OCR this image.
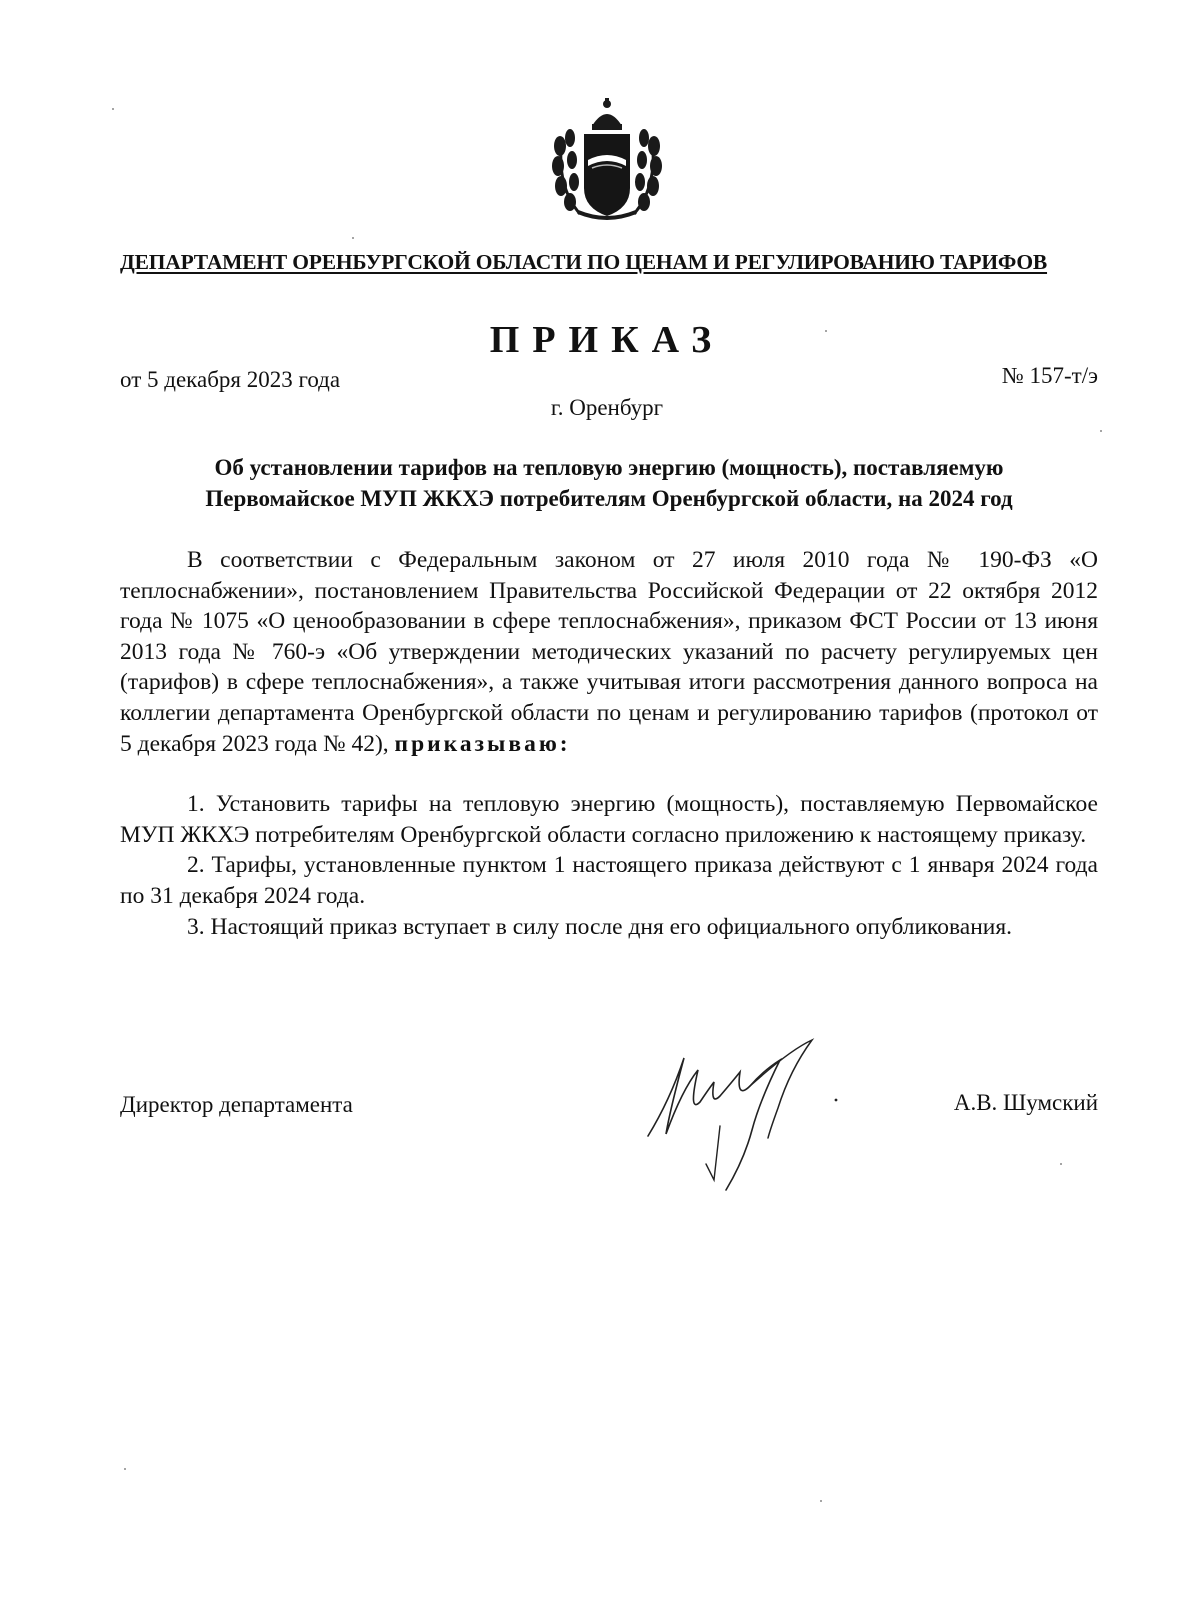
ДЕПАРТАМЕНТ ОРЕНБУРГСКОЙ ОБЛАСТИ ПО ЦЕНАМ И РЕГУЛИРОВАНИЮ ТАРИФОВ
ПРИКАЗ
от 5 декабря 2023 года	№ 157-т/э
г. Оренбург
Об установлении тарифов на тепловую энергию (мощность), поставляемую
Первомайское МУП ЖКХЭ потребителям Оренбургской области, на 2024 год

В соответствии с Федеральным законом от 27 июля 2010 года № 190-ФЗ «О теплоснабжении», постановлением Правительства Российской Федерации от 22 октября 2012 года № 1075 «О ценообразовании в сфере теплоснабжения», приказом ФСТ России от 13 июня 2013 года № 760-э «Об утверждении методических указаний по расчету регулируемых цен (тарифов) в сфере теплоснабжения», а также учитывая итоги рассмотрения данного вопроса на коллегии департамента Оренбургской области по ценам и регулированию тарифов (протокол от 5 декабря 2023 года № 42), приказываю:

1. Установить тарифы на тепловую энергию (мощность), поставляемую Первомайское МУП ЖКХЭ потребителям Оренбургской области согласно приложению к настоящему приказу.

2. Тарифы, установленные пунктом 1 настоящего приказа действуют с 1 января 2024 года по 31 декабря 2024 года.

3. Настоящий приказ вступает в силу после дня его официального опубликования.

Директор департамента	А.В. Шумский
